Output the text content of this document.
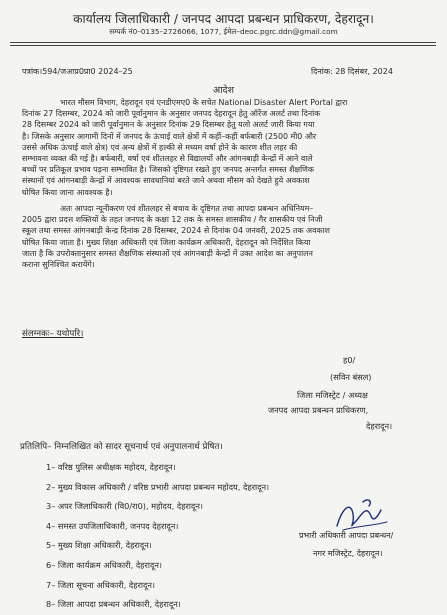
कार्यालय जिलाधिकारी / जनपद आपदा प्रबन्धन प्राधिकरण, देहरादून।
सम्पर्क नं0–0135–2726066, 1077, ईमेल–deoc.pgrc.ddn@gmail.com
पत्रांक।594/जआप्र0प्रा0 2024–25	दिनांक: 28 दिसंबर, 2024
आदेश
भारत मौसम विभाग, देहरादून एवं एनडीएमए0 के सचेत National Disaster Alert Portal द्वारा
दिनांक 27 दिसम्बर, 2024 को जारी पूर्वानुमान के अनुसार जनपद देहरादून हेतु ऑरेंज अलर्ट तथा दिनांक
28 दिसम्बर 2024 को जारी पूर्वानुमान के अनुसार दिनांक 29 दिसम्बर हेतु यलो अलर्ट जारी किया गया
है। जिसके अनुसार आगामी दिनों में जनपद के ऊंचाई वाले क्षेत्रों में कहीं–कहीं बर्फबारी (2500 मी0 और
उससे अधिक ऊंचाई वाले क्षेत्र) एवं अन्य क्षेत्रों में हल्की से मध्यम वर्षा होने के कारण शीत लहर की
सम्भावना व्यक्त की गई है। बर्फबारी, वर्षा एवं शीतलहर से विद्यालयों और आंगनबाड़ी केन्द्रों में आने वाले
बच्चों पर प्रतिकूल प्रभाव पड़ना सम्भावित है। जिसको दृष्टिगत रखते हुए जनपद अन्तर्गत समस्त शैक्षणिक
संस्थानों एवं आंगनबाड़ी केन्द्रों में आवश्यक सावधानियां बरते जाने अथवा मौसम को देखते हुये अवकाश
घोषित किया जाना आवश्यक है।
अतः आपदा न्यूनीकरण एवं शीतलहर से बचाव के दृष्टिगत तथा आपदा प्रबन्धन अधिनियम–
2005 द्वारा प्रदत्त शक्तियों के तहत जनपद के कक्षा 12 तक के समस्त शासकीय / गैर शासकीय एवं निजी
स्कूल तथा समस्त आंगनबाड़ी केन्द्र दिनांक 28 दिसम्बर, 2024 से दिनांक 04 जनवरी, 2025 तक अवकाश
घोषित किया जाता है। मुख्य शिक्षा अधिकारी एवं जिला कार्यक्रम अधिकारी, देहरादून को निर्देशित किया
जाता है कि उपरोक्तानुसार समस्त शैक्षणिक संस्थाओं एवं आंगनबाड़ी केन्द्रों में उक्त आदेश का अनुपालन
कराना सुनिश्चित करायेंगे।
संलग्नकः– यथोपरि।
ह0/
(सविन बंसल)
जिला मजिस्ट्रेट / अध्यक्ष
जनपद आपदा प्रबन्धन प्राधिकरण,
देहरादून।
प्रतिलिपि– निम्नलिखित को सादर सूचनार्थ एवं अनुपालनार्थ प्रेषित।
1– वरिष्ठ पुलिस अधीक्षक महोदय, देहरादून।
2– मुख्य विकास अधिकारी / वरिष्ठ प्रभारी आपदा प्रबन्धन महोदय, देहरादून।
3– अपर जिलाधिकारी (वि0/रा0), महोदय, देहरादून।
4– समस्त उपजिलाधिकारी, जनपद देहरादून।
5– मुख्य शिक्षा अधिकारी, देहरादून।
6– जिला कार्यक्रम अधिकारी, देहरादून।
7– जिला सूचना अधिकारी, देहरादून।
8– जिला आपदा प्रबन्धन अधिकारी, देहरादून।
प्रभारी अधिकारी आपदा प्रबन्धन/
नगर मजिस्ट्रेट, देहरादून।
